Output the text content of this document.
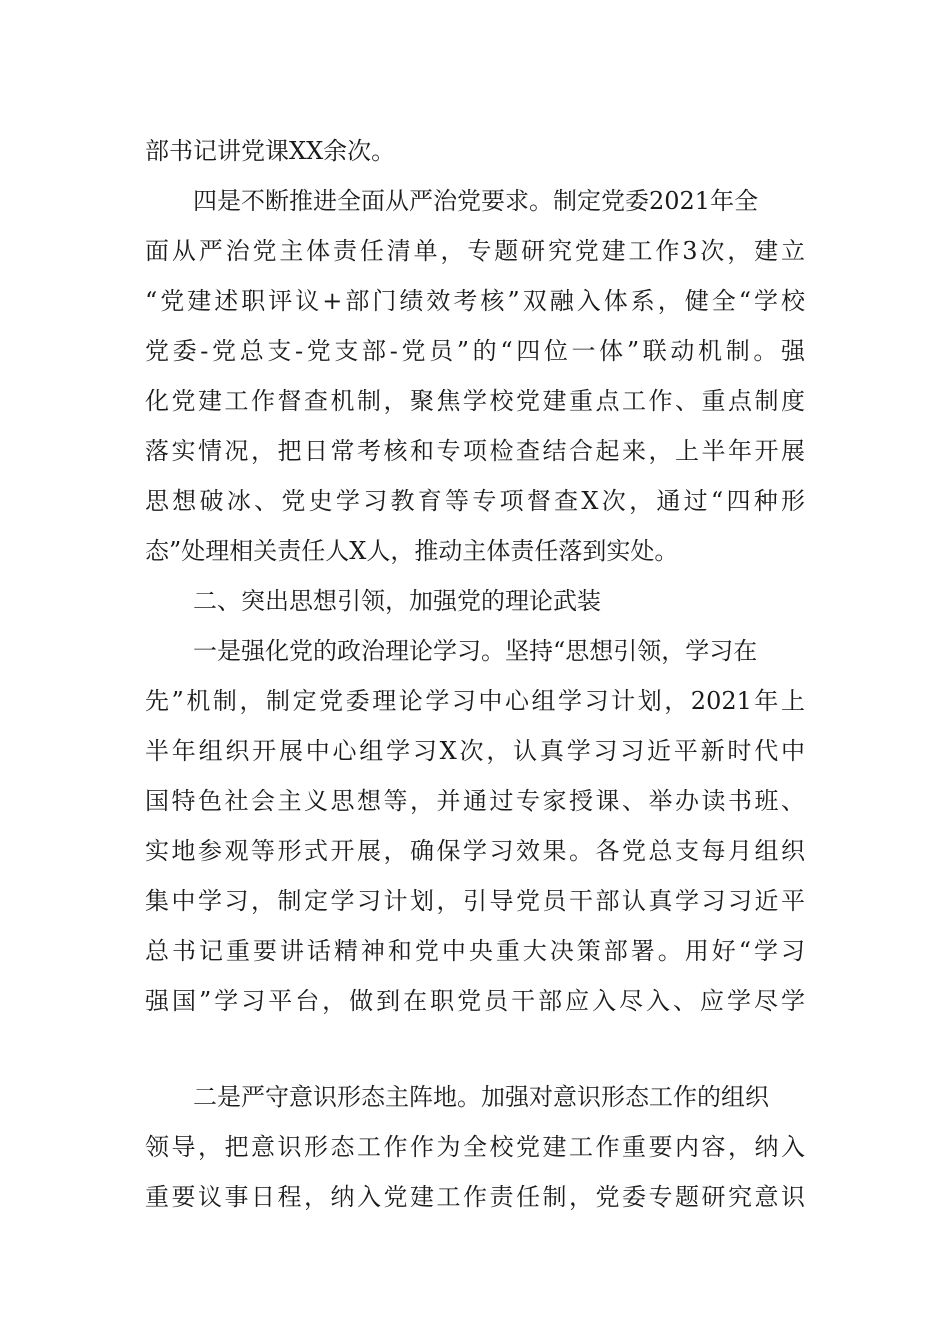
部书记讲党课XX余次。

四是不断推进全面从严治党要求。制定党委2021年全

面从严治党主体责任清单，专题研究党建工作3次，建立

“党建述职评议+部门绩效考核”双融入体系，健全“学校

党委-党总支-党支部-党员”的“四位一体”联动机制。强

化党建工作督查机制，聚焦学校党建重点工作、重点制度

落实情况，把日常考核和专项检查结合起来，上半年开展

思想破冰、党史学习教育等专项督查X次，通过“四种形

态”处理相关责任人X人，推动主体责任落到实处。

二、突出思想引领，加强党的理论武装

一是强化党的政治理论学习。坚持“思想引领，学习在

先”机制，制定党委理论学习中心组学习计划，2021年上

半年组织开展中心组学习X次，认真学习习近平新时代中

国特色社会主义思想等，并通过专家授课、举办读书班、

实地参观等形式开展，确保学习效果。各党总支每月组织

集中学习，制定学习计划，引导党员干部认真学习习近平

总书记重要讲话精神和党中央重大决策部署。用好“学习

强国”学习平台，做到在职党员干部应入尽入、应学尽学

二是严守意识形态主阵地。加强对意识形态工作的组织

领导，把意识形态工作作为全校党建工作重要内容，纳入

重要议事日程，纳入党建工作责任制，党委专题研究意识
